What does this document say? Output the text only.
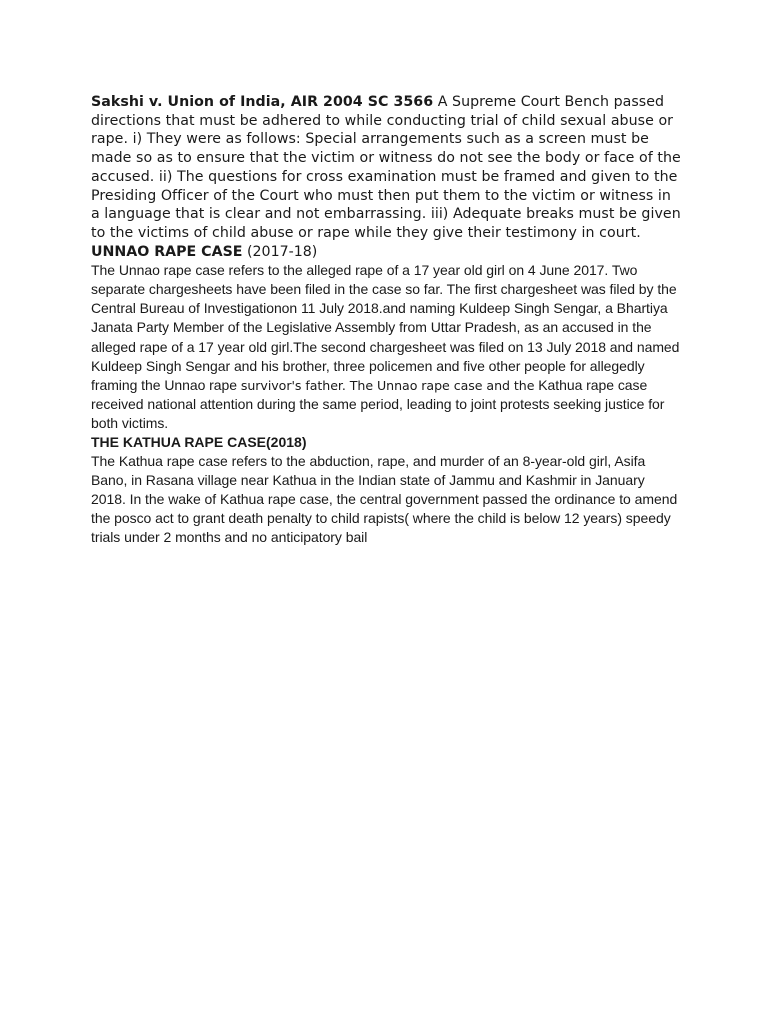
Sakshi v. Union of India, AIR 2004 SC 3566 A Supreme Court Bench passed directions that must be adhered to while conducting trial of child sexual abuse or rape. i) They were as follows: Special arrangements such as a screen must be made so as to ensure that the victim or witness do not see the body or face of the accused. ii) The questions for cross examination must be framed and given to the Presiding Officer of the Court who must then put them to the victim or witness in a language that is clear and not embarrassing. iii) Adequate breaks must be given to the victims of child abuse or rape while they give their testimony in court.

UNNAO RAPE CASE (2017-18)

The Unnao rape case refers to the alleged rape of a 17 year old girl on 4 June 2017. Two separate chargesheets have been filed in the case so far. The first chargesheet was filed by the Central Bureau of Investigationon 11 July 2018.and naming Kuldeep Singh Sengar, a Bhartiya Janata Party Member of the Legislative Assembly from Uttar Pradesh, as an accused in the alleged rape of a 17 year old girl.The second chargesheet was filed on 13 July 2018 and named Kuldeep Singh Sengar and his brother, three policemen and five other people for allegedly framing the Unnao rape survivor's father. The Unnao rape case and the Kathua rape case received national attention during the same period, leading to joint protests seeking justice for both victims.

THE KATHUA RAPE CASE(2018)

The Kathua rape case refers to the abduction, rape, and murder of an 8-year-old girl, Asifa Bano, in Rasana village near Kathua in the Indian state of Jammu and Kashmir in January 2018. In the wake of Kathua rape case, the central government passed the ordinance to amend the posco act to grant death penalty to child rapists( where the child is below 12 years) speedy trials under 2 months and no anticipatory bail
